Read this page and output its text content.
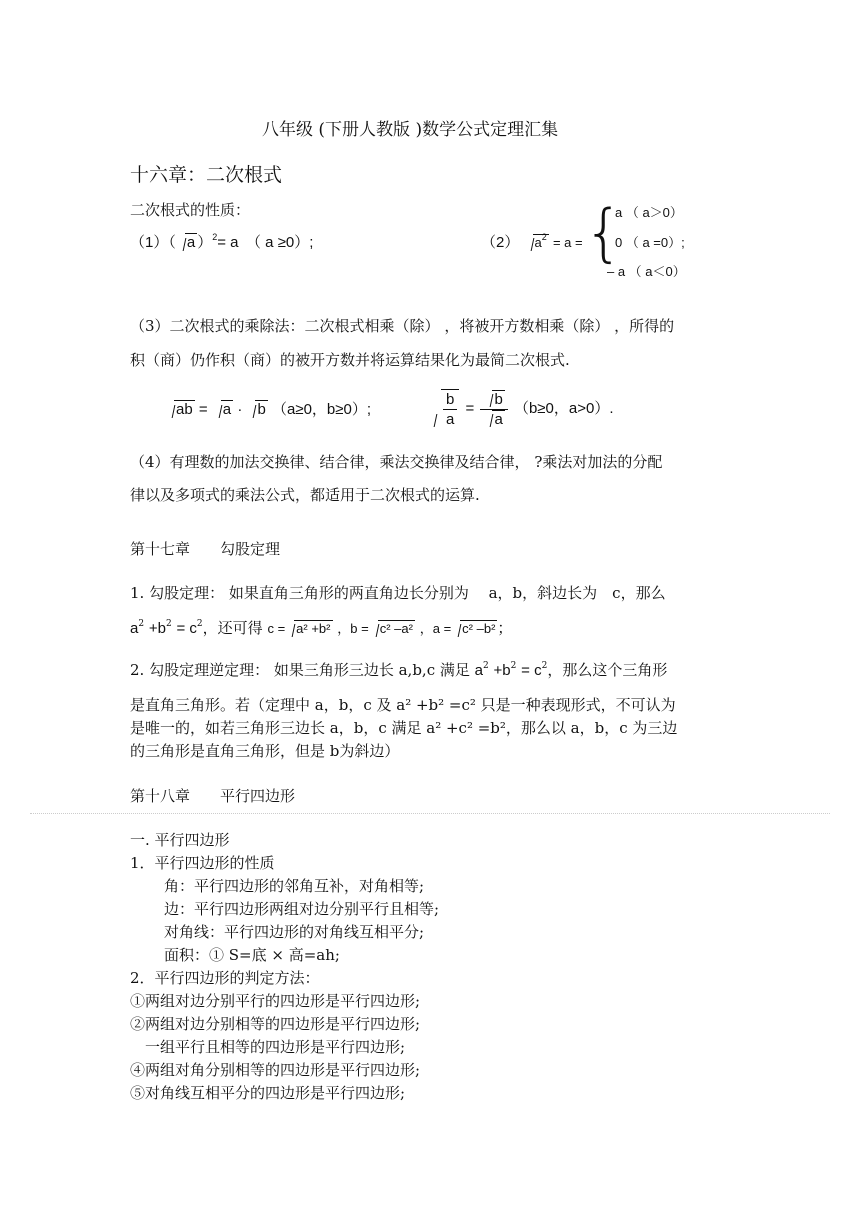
八年级 (下册人教版 )数学公式定理汇集
十六章：二次根式
二次根式的性质：
（1）（ a ）$^2$= a　 （ a ≥0）;	（2） $a^2 = a$ = {
a （ a＞0）
0 （ a =0）;
– a （ a＜0）
（3）二次根式的乘除法：二次根式相乘（除） ，将被开方数相乘（除） ，所得的
积（商）仍作积（商）的被开方数并将运算结果化为最简二次根式.
ab = a · b （a≥0，b≥0）;	$\frac{b}{a} = \frac{b}{a} (b\ge 0$，a>0）.
（4）有理数的加法交换律、结合律，乘法交换律及结合律， ?乘法对加法的分配
律以及多项式的乘法公式，都适用于二次根式的运算.
第十七章　　勾股定理
1. 勾股定理： 如果直角三角形的两直角边长分别为 　a，b，斜边长为　c，那么
$a^2 +b^2 = c^2$，还可得 c = a² +b² ，b = c² –a² ，a = c² –b² ；
2. 勾股定理逆定理： 如果三角形三边长 a,b,c 满足 $a^2 +b^2 = c^2$，那么这个三角形
是直角三角形。若（定理中 a，b，c 及 a² +b² =c² 只是一种表现形式，不可认为
是唯一的，如若三角形三边长 a，b，c 满足 a² +c² =b²，那么以 a，b，c 为三边
的三角形是直角三角形，但是 b为斜边）
第十八章　　平行四边形
一. 平行四边形
1．平行四边形的性质
角：平行四边形的邻角互补，对角相等;
边：平行四边形两组对边分别平行且相等;
对角线：平行四边形的对角线互相平分;
面积：① S=底 × 高=ah;
2．平行四边形的判定方法：
①两组对边分别平行的四边形是平行四边形;
②两组对边分别相等的四边形是平行四边形;
一组平行且相等的四边形是平行四边形;
④两组对角分别相等的四边形是平行四边形;
⑤对角线互相平分的四边形是平行四边形;
